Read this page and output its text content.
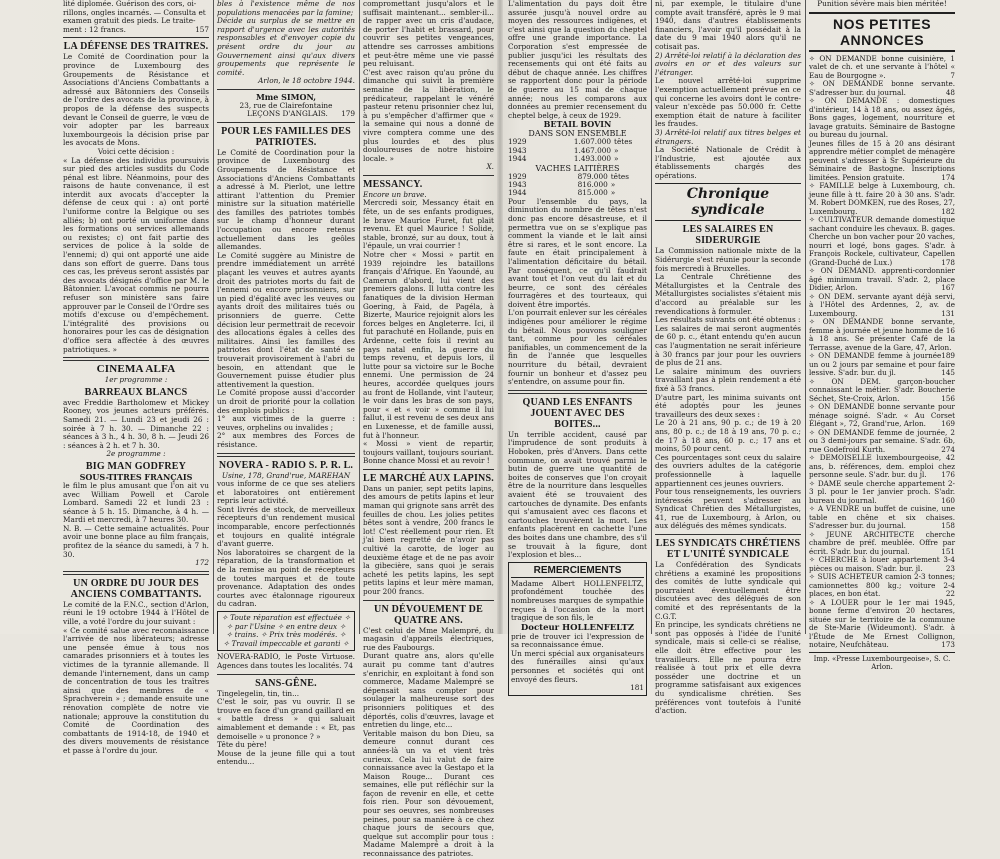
lité diplomée. Guérison des cors, oi-

rillons, ongles incarnés. — Consulta et

examen gratuit des pieds. Le traite-

ment : 12 francs.	157
LA DÉFENSE DES TRAITRES.

Le Comité de Coordination pour la province de Luxembourg des Groupements de Résistance et Associations d'Anciens Combattants a adressé aux Bâtonniers des Conseils de l'ordre des avocats de la province, à propos de la défense des suspects devant le Conseil de guerre, le vœu de voir adopter par les barreaux luxembourgeois la décision prise par les avocats de Mons.

Voici cette décision :

« La défense des individus poursuivis sur pied des articles susdits du Code pénal est libre. Néanmoins, pour des raisons de haute convenance, il est interdit aux avocats d'accepter la défense de ceux qui : a) ont porté l'uniforme contre la Belgique ou ses alliés; b) ont porté un uniforme dans les formations ou services allemands ou rexistes; c) ont fait partie des services de police à la solde de l'ennemi; d) qui ont apporté une aide dans son effort de guerre. Dans tous ces cas, les préveus seront assistés par des avocats désignés d'office par M. le Bâtonnier. L'avocat commis ne pourra refuser son ministère sans faire approuver par le Conseil de l'Ordre ses motifs d'excuse ou d'empêchement. L'intégralité des provisions ou honoraires pour les cas de désignation d'office sera affectée à des œuvres patriotiques. »

CINEMA ALFA
1er programme :
BARREAUX BLANCS

avec Freddie Bartholomew et Mickey Rooney, vos jeunes acteurs préférés. Samedi 21. — Lundi 23 et jeudi 26 : soirée à 7 h. 30. — Dimanche 22 : séances à 3 h., 4 h. 30, 8 h. — Jeudi 26 : séances à 2 h. et 7 h. 30.

2e programme :
BIG MAN GODFREY
SOUS-TITRES FRANÇAIS

le film le plus amusant que l'on ait vu avec William Powell et Carole Lombard. Samedi 22 et lundi 23 : séance à 5 h. 15. Dimanche, à 4 h. — Mardi et mercredi, à 7 heures 30.

N. B. — Cette semaine actualités. Pour avoir une bonne place au film français, profitez de la séance du samedi, à 7 h. 30.

172

UN ORDRE DU JOUR DES ANCIENS COMBATTANTS.

Le comité de la F.N.C., section d'Arlon, réuni le 19 octobre 1944 à l'Hôtel de ville, a voté l'ordre du jour suivant :

« Ce comité salue avec reconnaissance l'arrivée de nos libérateurs; adresse une pensée émue à tous nos camarades prisonniers et à toutes les victimes de la tyrannie allemande. Il demande l'internement, dans un camp de concentration de tous les traîtres ainsi que des membres de « Sprachverein » ; demande ensuite une rénovation complète de notre vie nationale; approuve la constitution du Comité de Coordination des combattants de 1914-18, de 1940 et des divers mouvements de résistance et passe à l'ordre du jour.

bles à l'existence même de nos populations menacées par la famine;

Décide au surplus de se mettre en rapport d'urgence avec les autorités responsables et d'envoyer copie du présent ordre du jour au Gouvernement ainsi qu'aux divers groupements que représente le comité.

Arlon, le 18 octobre 1944.

Mme SIMON,

23, rue de Clairefontaine

LEÇONS D'ANGLAIS. 179
POUR LES FAMILLES DES PATRIOTES.

Le Comité de Coordination pour la province de Luxembourg des Groupements de Résistance et Associations d'Anciens Combattants a adressé à M. Pierlot, une lettre attirant l'attention du Premier ministre sur la situation matérielle des familles des patriotes tombés sur le champ d'honneur durant l'occupation ou encore retenus actuellement dans les geôles allemandes.

Le Comité suggère au Ministre de prendre immédiatement un arrêté plaçant les veuves et autres ayants droit des patriotes morts du fait de l'ennemi ou encore prisonniers, sur un pied d'égalité avec les veuves ou ayants droit des militaires tués ou prisonniers de guerre. Cette décision leur permettrait de recevoir des allocations égales à celles des militaires. Ainsi les familles des patriotes dont l'état de santé se trouverait provisoirement à l'abri du besoin, en attendant que le Gouvernement puisse étudier plus attentivement la question.

Le Comité propose aussi d'accorder un droit de priorité pour la collation des emplois publics :

1° aux victimes de la guerre : veuves, orphelins ou invalides ;

2° aux membres des Forces de résistance.

NOVERA - RADIO S. P. R. L.

Usine, 178, Grand'rue, MAREHAN

vous informe de ce que ses ateliers et laboratoires ont entièrement repris leur activité.

Sont livrés de stock, de merveilleux récepteurs d'un rendement musical incomparable, encore perfectionnés et toujours en qualité intégrale d'avant guerre.

Nos laboratoires se chargent de la réparation, de la transformation et de la remise au point de récepteurs de toutes marques et de toute provenance. Adaptation des ondes courtes avec étalonnage rigoureux du cadran.

✧ Toute réparation est effectuée ✧

✧ par l'Usine ✧ en entre deux ✧

✧ trains. ✧ Prix très modérés. ✧

✧ Travail impeccable et garanti ✧

NOVERA-RADIO, le Poste Virtuose. Agences dans toutes les localités. 74

SANS-GÊNE.

Tingelegelin, tin, tin...

C'est le soir, pas vu ouvrir. Il se trouve en face d'un grand gaillard en « battle dress » qui saluait aimablement et demande : « Et, pas demoiselle » u prononce ? »

Tête du père!

Mouse de la jeune fille qui a tout entendu...

compromettant jusqu'alors et le suffisait maintenant... sembler-il... de rapper avec un cris d'audace, de porter l'habit et brassard, pour couvrir ses petites vengeances, attendre ses carrosses ambitions et peut-être même une vie passé peu reluisant.

C'est avec raison qu'au prône du dimanche qui suivit la première semaine de la libération, le prédicateur, rappelant le vénéré pasteur retenu prisonnier chez lui, à pu s'empêcher d'affirmer que « la semaine qui nous a donné de vivre comptera comme une des plus lourdes et des plus douloureuses de notre histoire locale. »

X.

MESSANCY.

Encore un brave.

Mercredi soir, Messancy était en fête, un de ses enfants prodigues, le brave Maurice Furet, fut plait revenu. Et quel Maurice ! Solide, stable, bronzé, sur au doux, tout à l'épaule, un vrai courrier !

Notre cher « Mossi » partit en 1939 rejoindre les bataillons français d'Afrique. En Yaoundé, au Camerun d'abord, lui vient des premiers galons. Il lutta contre les fanatiques de la division Herman Goering, à Faid, de Pagéla, à Bizerte, Maurice rejoignit alors les forces belges en Angleterre. Ici, il fut parachuté en Hollande, puis en Ardenne, cette fois il revint au pays natal enfin, la guerre du temps revenu, et depuis lors, il lutte pour sa victoire sur le Boche ennemi. Une permission de 24 heures, accordée quelques jours au front de Hollande, vint l'auteur, le voir dans les bras de son pays, pour « et « voir » comme il lui fallut, il est revenu de ses deux ans en Luxenesse, et de famille aussi, fut à l'honneur.

« Mossi » vient de repartir, toujours vaillant, toujours souriant. Bonne chance Mossi et au revoir !

LE MARCHÉ AUX LAPINS.

Dans un panier, sept petits lapins, des amours de petits lapins et leur maman qui grignote sans arrêt des feuilles de chou. Les jolies petites bêtes sont à vendre, 200 francs le lot! C'est réellement pour rien. Et j'ai bien regretté de n'avoir pas cultivé la carotte, de loger au deuxième étage et de ne pas avoir la gibecière, sans quoi je serais acheté les petits lapins, les sept petits lapins et leur mère maman, pour 200 francs.

UN DÉVOUEMENT DE QUATRE ANS.

C'est celui de Mme Malempré, du magasin d'appareils électriques, rue des Faubourgs.

Durant quatre ans, alors qu'elle aurait pu comme tant d'autres s'enrichir, en exploitant à fond son commerce, Madame Malempré se dépensait sans compter pour soulager la malheureuse sort des prisonniers politiques et des déportés, colis d'œuvres, lavage et entretien du linge, etc...

Veritable maison du bon Dieu, sa demeure connut durant ces années-là un va et vient très curieux. Cela lui valut de faire connaissance avec la Gestapo et la Maison Rouge... Durant ces semaines, elle put réfléchir sur la façon de revenir en elle, et cette fois rien. Pour son dévouement, pour ses oeuvres, ses nombreuses peines, pour sa manière à ce chez chaque jours de secours que, quelque sut accomplir pour tous : Madame Malempré a droit à la reconnaissance des patriotes.

L'alimentation du pays doit être assurée jusqu'à nouvel ordre au moyen des ressources indigènes, et c'est ainsi que la question du cheptel offre une grande importance. La Corporation s'est empressée de publier jusqu'ici les résultats des recensements qui ont été faits au début de chaque année. Les chiffres se rapportent donc pour la période de guerre au 15 mai de chaque année; nous les comparons aux données au premier recensement du cheptel belge, à ceux de 1929.

BETAIL BOVIN
DANS SON ENSEMBLE
1929	1.607.000	têtes
1943	1.467.000	»
1944	1.493.000	»
VACHES LAITIÈRES
1929	879.000	têtes
1943	816.000	»
1944	815.000	»

Pour l'ensemble du pays, la diminution du nombre de têtes n'est donc pas encore désastreuse, et il permettra vue on se s'explique pas comment la viande et le lait ainsi être si rares, et le sont encore. La faute en était principalement à l'alimentation déficitaire du bétail. Par conséquent, ce qu'il faudrait avant tout et l'on veut du lait et du beurre, ce sont des céréales fourragères et des tourteaux, qui doivent être importés.

L'on pourrait enlever sur les céréales indigènes pour améliorer le régime du bétail. Nous pouvons souligner tant, comme pour les céréales panifiables, un commencement de la fin de l'année que lesquelles nourriture du bétail, devraient fournir un bonheur et d'assez peu s'entendre, on assume pour fin.

QUAND LES ENFANTS JOUENT AVEC DES BOITES...

Un terrible accident, causé par l'imprudence de sont produits à Hoboken, près d'Anvers. Dans cette commune, on avait trouvé parmi le butin de guerre une quantité de boites de conserves que l'on croyait être de la nourriture dans lesquelles avaient été se trouvaient des cartouches de dynamite. Des enfants qui s'amusaient avec ces flacons et cartouches trouvèrent la mort. Les enfants placèrent en cachette l'une des boites dans une chambre, des s'il se trouvait à la figure, dont l'explosion et bles...

REMERCIEMENTS

Madame Albert HOLLENFELTZ, profondément touchée des nombreuses marques de sympathie reçues à l'occasion de la mort tragique de son fils, le

Docteur HOLLENFELTZ

prie de trouver ici l'expression de sa reconnaissance émue.

Un merci spécial aux organisateurs des funérailles ainsi qu'aux personnes et sociétés qui ont envoyé des fleurs.

181

ni, par exemple, le titulaire d'une compte avait transféré, après le 9 mai 1940, dans d'autres établissements financiers, l'avoir qu'il possédait à la date du 9 mai 1940 alors qu'il ne cotisait pas.

2) Arrêté-loi relatif à la déclaration des avoirs en or et des valeurs sur l'étranger.

Le nouvel arrêté-loi supprime l'exemption actuellement prévue en ce qui concerne les avoirs dont le contre-valeur n'excède pas 50.000 fr. Cette exemption était de nature à faciliter les fraudes.

3) Arrêté-loi relatif aux titres belges et étrangers.

La Société Nationale de Crédit à l'Industrie, est ajoutée aux établissements chargés des opérations.

Chronique syndicale
LES SALAIRES EN SIDERURGIE

La Commission nationale mixte de la Sidérurgie s'est réunie pour la seconde fois mercredi à Bruxelles.

La Centrale Chrétienne des Métallurgistes et la Centrale des Métallurgistes socialistes s'étaient mis d'accord au préalable sur les revendications à formuler.

Les résultats suivants ont été obtenus :

Les salaires de mai seront augmentés de 60 p. c., étant entendu qu'en aucun cas l'augmentation ne serait inférieure à 30 francs par jour pour les ouvriers de plus de 21 ans.

Le salaire minimum des ouvriers travaillant pas à plein rendement a été fixé à 53 francs.

D'autre part, les minima suivants ont été adoptés pour les jeunes travailleurs des deux sexes :

Le 20 à 21 ans, 90 p. c.; de 19 à 20 ans, 80 p. c.; de 18 à 19 ans, 70 p. c.; de 17 à 18 ans, 60 p. c.; 17 ans et moins, 50 pour cent.

Ces pourcentages sont ceux du salaire des ouvriers adultes de la catégorie professionnelle à laquelle appartiennent ces jeunes ouvriers.

Pour tous renseignements, les ouvriers intéressés peuvent s'adresser au Syndicat Chrétien des Métallurgistes, 41, rue de Luxembourg, à Arlon, ou aux délégués des mêmes syndicats.

LES SYNDICATS CHRÉTIENS ET L'UNITÉ SYNDICALE

La Confédération des Syndicats chrétiens a examiné les propositions des comités de lutte syndicale qui pourraient éventuellement être discutées avec des délégués de son comité et des représentants de la C.G.T.

En principe, les syndicats chrétiens ne sont pas opposés à l'idée de l'unité syndicale, mais si celle-ci se réalise, elle doit être effective pour les travailleurs. Elle ne pourra être réalisée à tout prix et elle devra posséder une doctrine et un programme satisfaisant aux exigences du syndicalisme chrétien. Ses préférences vont toutefois à l'unité d'action.

Punition sévère mais bien méritée!

NOS PETITES ANNONCES

✧ ON DEMANDE bonne cuisinière, 1 valet de ch. et une servante à l'hôtel « Eau de Bourgogne ».	7

✧ ON DEMANDE bonne servante. S'adresser bur. du journal.	48

✧ ON DEMANDE : domestiques d'intérieur, 14 à 18 ans, ou assez âgés, Bons gages, logement, nourriture et lavage gratuits. Séminaire de Bastogne ou bureau du journal.

Jeunes filles de 15 à 20 ans désirant apprendre métier complet de ménagère peuvent s'adresser à Sr Supérieure du Séminaire de Bastogne. Inscriptions limitées. Pension gratuite.	174

✧ FAMILLE belge à Luxembourg, ch. jeune fille à tt. faire 20 à 30 ans. S'adr. M. Robert DOMKEN, rue des Roses, 27, Luxembourg.	182

✧ CULTIVATEUR demande domestique sachant conduire les chevaux. B. gages. Cherche un bon vacher pour 20 vaches, nourri et logé, bons gages. S'adr. à François Rockele, cultivateur, Capellen (Grand-Duché de Lux.)	178

✧ ON DEMAND. apprenti-cordonnier âgé minimum travail. S'adr. 2, place Didier, Arlon.	167

✧ ON DEM. servante ayant déjà servi, à l'Hôtel des Ardennes, 2, av. de Luxembourg.	131

✧ ON DEMANDE bonne servante, femme à journée et jeune homme de 16 à 18 ans. Se présenter Café de la Terrasse, avenue de la Gare, 47, Arlon.
189

✧ ON DEMANDE femme à journée un ou 2 jours par semaine et pour faire lessive. S'adr. bur. du jl.	145

✧ ON DEM. garçon-boucher connaissant le métier. S'adr. Boucherie Séchet, Ste-Croix, Arlon.	156

✧ ON DEMANDE bonne servante pour ménage soigné. S'adr. « Au Corset Élégant », 72, Grand'rue, Arlon. 169

✧ ON DEMANDE femme de journée, 2 ou 3 demi-jours par semaine. S'adr. 6b, rue Godefroid Kurth.	274

✧ DEMOISELLE luxembourgeoise, 42 ans, b. références, dem. emploi chez personne seule. S'adr. bur. du jl. 176

✧ DAME seule cherche appartement 2-3 pl. pour le 1er janvier proch. S'adr. bureau du journal.	160

✧ A VENDRE un buffet de cuisine, une table en chêne et six chaises. S'adresser bur. du journal.	158

✧ JEUNE ARCHITECTE cherche chambre de préf. meublée. Offre par écrit. S'adr. bur. du journal.	151

✧ CHERCHE à louer appartement 3-4 pièces ou maison. S'adr. bur. jl.	23

✧ SUIS ACHETEUR camion 2-3 tonnes; camionnettes 800 kg.; voiture 2-4 places, en bon état.	22

✧ A LOUER pour le 1er mai 1945, bonne ferme d'environ 20 hectares, située sur le territoire de la commune de Ste-Marie (Wideumont). S'adr. à l'Étude de Me Ernest Collignon, notaire, Neufchâteau.	173

Imp. «Presse Luxembourgeoise», S. C. Arlon.
